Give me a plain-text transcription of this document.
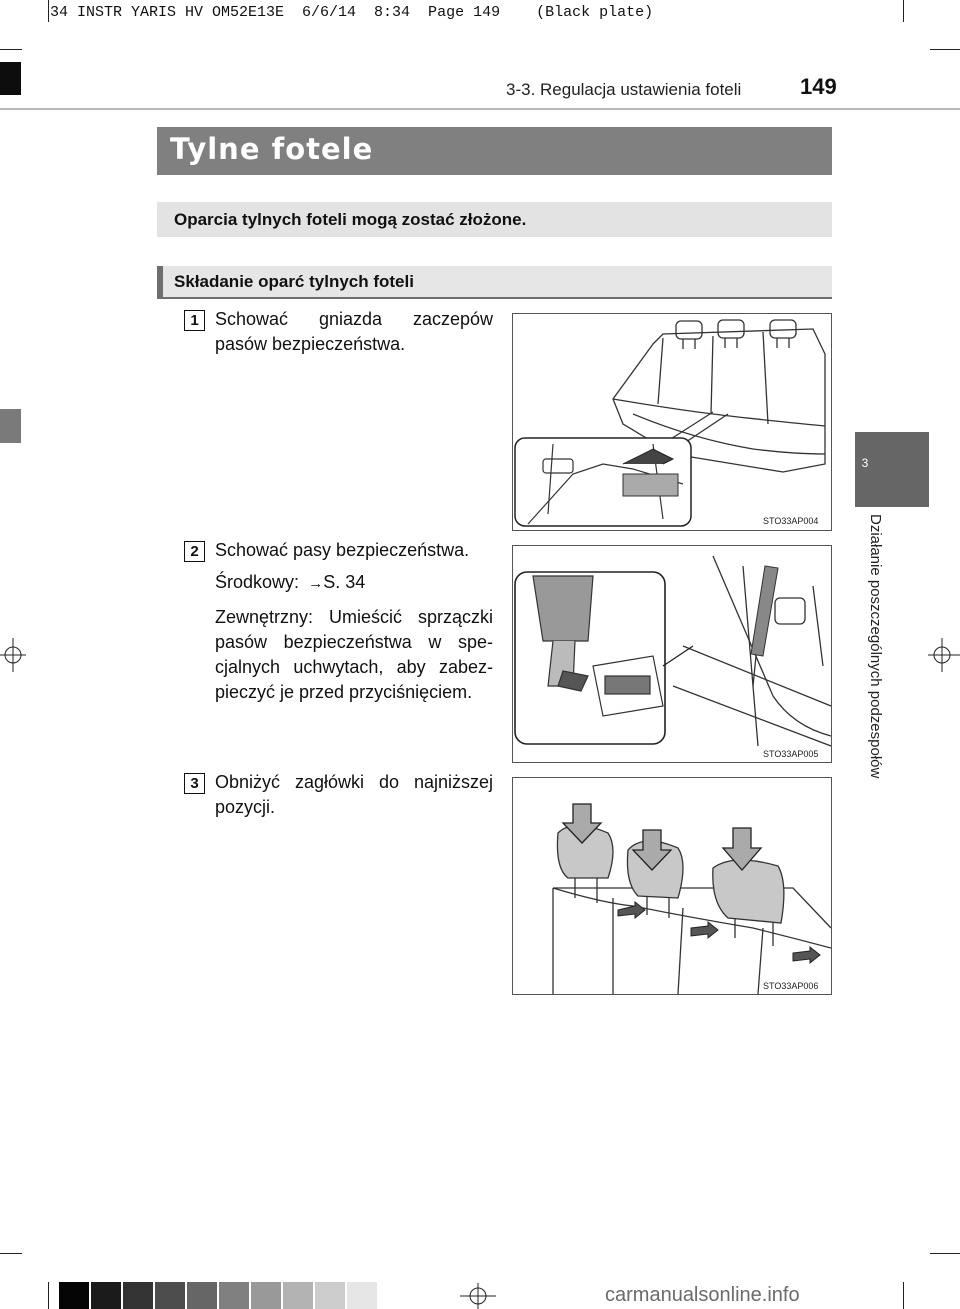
34 INSTR YARIS HV OM52E13E  6/6/14  8:34  Page 149    (Black plate)
3-3. Regulacja ustawienia foteli	149
Tylne fotele
Oparcia tylnych foteli mogą zostać złożone.
Składanie oparć tylnych foteli
1 Schować gniazda zaczepów
pasów bezpieczeństwa.
STO33AP004
2 Schować pasy bezpieczeństwa.
Środkowy:  →S. 34
Zewnętrzny: Umieścić sprzączki
pasów bezpieczeństwa w spe-
cjalnych uchwytach, aby zabez-
pieczyć je przed przyciśnięciem.
STO33AP005
3 Obniżyć zagłówki do najniższej
pozycji.
STO33AP006
3
Działanie poszczególnych podzespołów
carmanualsonline.info
